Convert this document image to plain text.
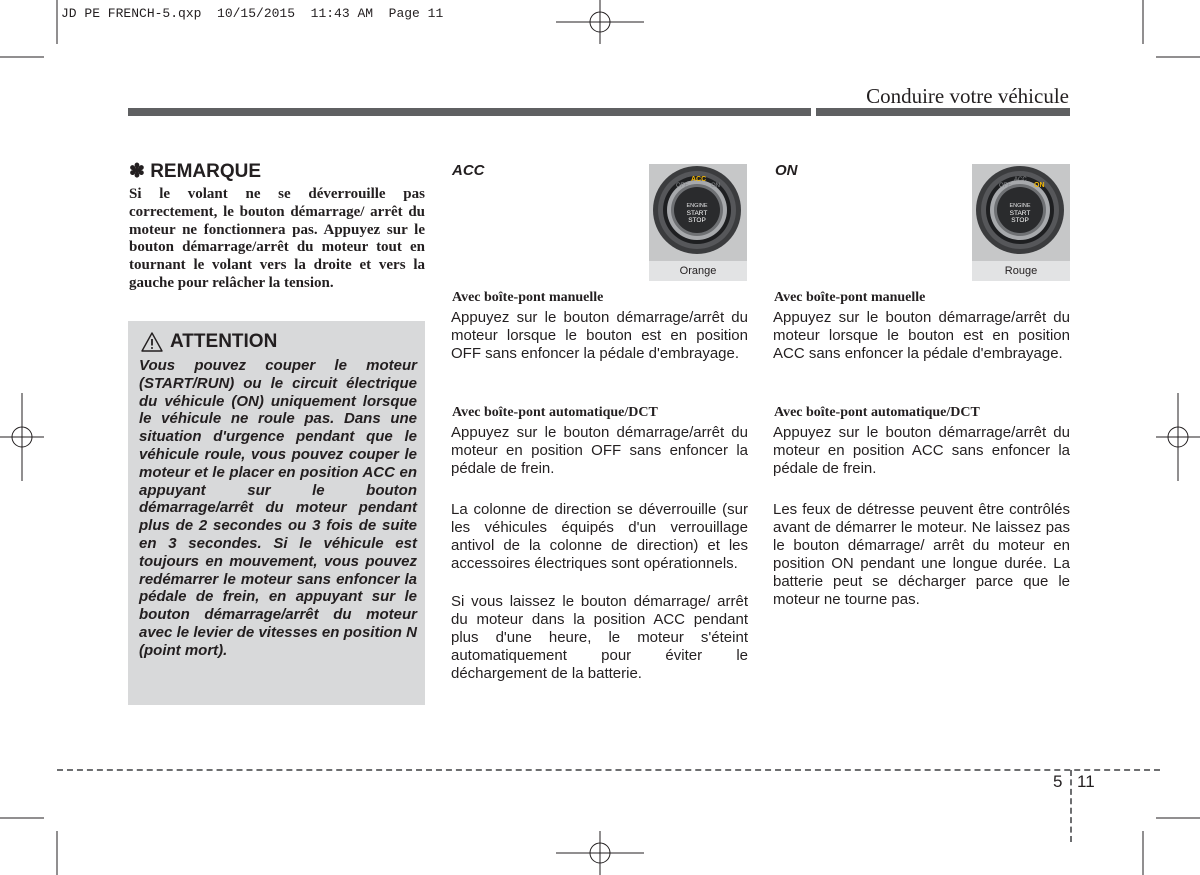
JD PE FRENCH-5.qxp  10/15/2015  11:43 AM  Page 11
Conduire votre véhicule
✽ REMARQUE
Si le volant ne se déverrouille pas correctement, le bouton démarrage/ arrêt du moteur ne fonctionnera pas. Appuyez sur le bouton démarrage/arrêt du moteur tout en tournant le volant vers la droite et vers la gauche pour relâcher la tension.
ATTENTION
Vous pouvez couper le moteur (START/RUN) ou le circuit électrique du véhicule (ON) uniquement lorsque le véhicule ne roule pas. Dans une situation d'urgence pendant que le véhicule roule, vous pouvez couper le moteur et le placer en position ACC en appuyant sur le bouton démarrage/arrêt du moteur pendant plus de 2 secondes ou 3 fois de suite en 3 secondes. Si le véhicule est toujours en mouvement, vous pouvez redémarrer le moteur sans enfoncer la pédale de frein, en appuyant sur le bouton démarrage/arrêt du moteur avec le levier de vitesses en position N (point mort).
ACC
OFF
ACC
ON
ENGINE
START
STOP
Orange
Avec boîte-pont manuelle
Appuyez sur le bouton démarrage/arrêt du moteur lorsque le bouton est en position OFF sans enfoncer la pédale d'embrayage.
Avec boîte-pont automatique/DCT
Appuyez sur le bouton démarrage/arrêt du moteur en position OFF sans enfoncer la pédale de frein.
La colonne de direction se déverrouille (sur les véhicules équipés d'un verrouillage antivol de la colonne de direction) et les accessoires électriques sont opérationnels.
Si vous laissez le bouton démarrage/ arrêt du moteur dans la position ACC pendant plus d'une heure, le moteur s'éteint automatiquement pour éviter le déchargement de la batterie.
ON
OFF
ACC
ON
ENGINE
START
STOP
Rouge
Avec boîte-pont manuelle
Appuyez sur le bouton démarrage/arrêt du moteur lorsque le bouton est en position ACC sans enfoncer la pédale d'embrayage.
Avec boîte-pont automatique/DCT
Appuyez sur le bouton démarrage/arrêt du moteur en position ACC sans enfoncer la pédale de frein.
Les feux de détresse peuvent être contrôlés avant de démarrer le moteur. Ne laissez pas le bouton démarrage/ arrêt du moteur en position ON pendant une longue durée. La batterie peut se décharger parce que le moteur ne tourne pas.
5 11
